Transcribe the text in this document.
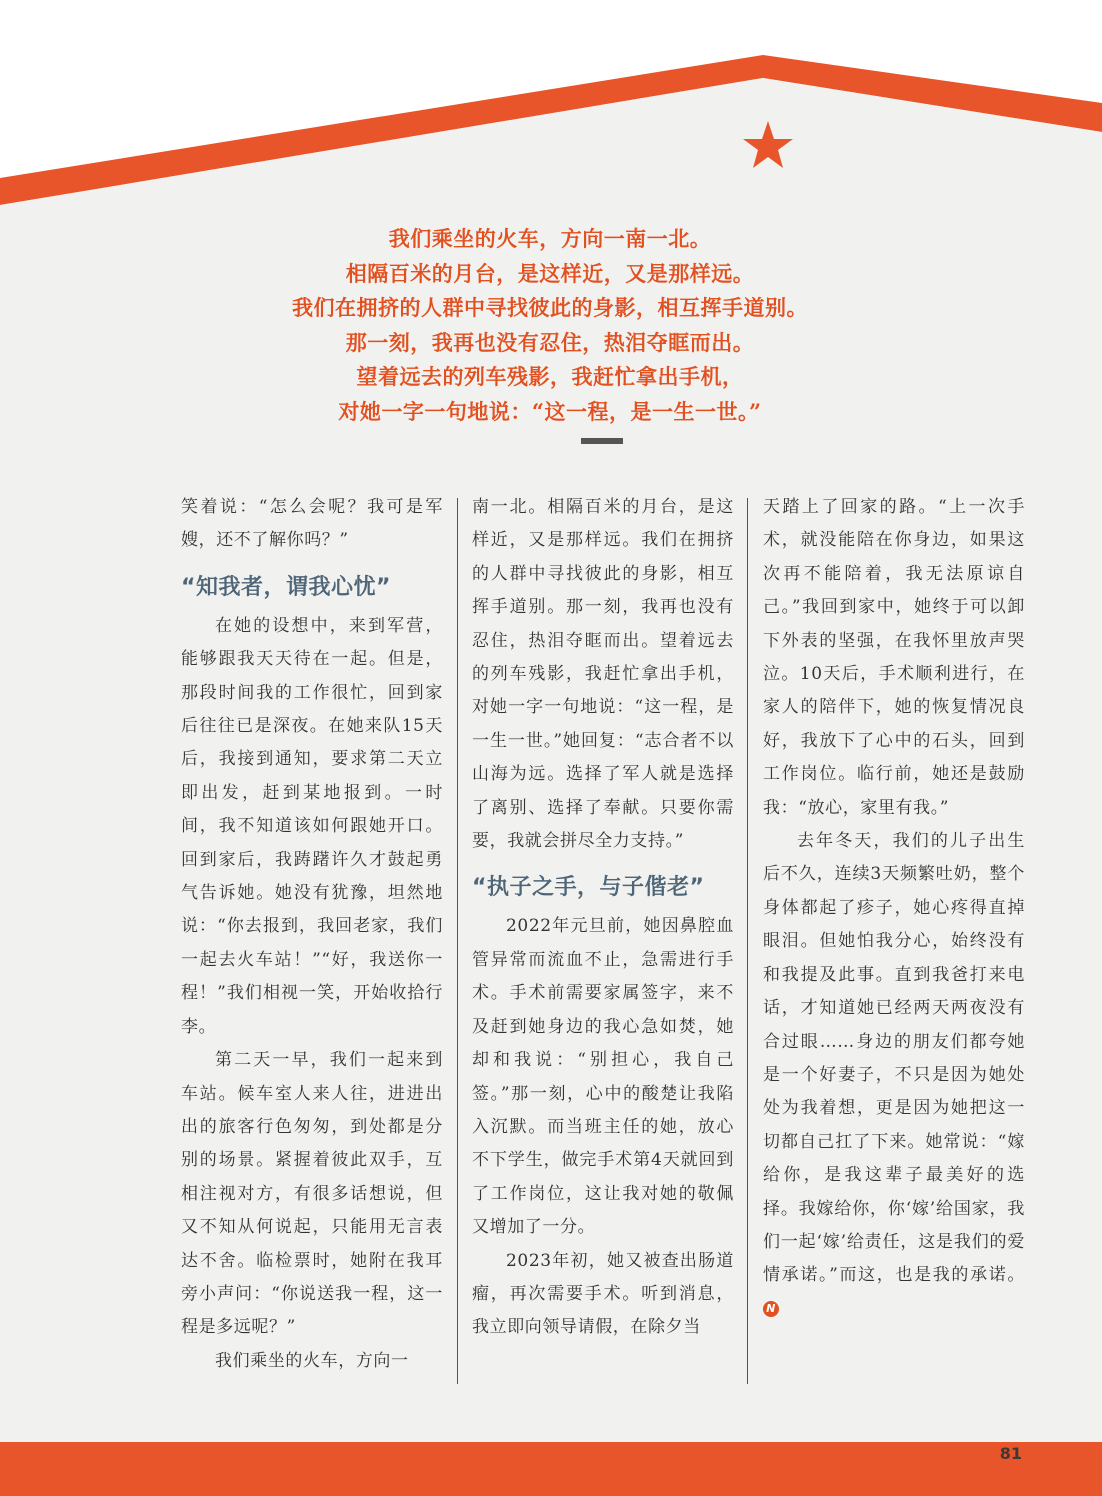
我们乘坐的火车，方向一南一北。
相隔百米的月台，是这样近，又是那样远。
我们在拥挤的人群中寻找彼此的身影，相互挥手道别。
那一刻，我再也没有忍住，热泪夺眶而出。
望着远去的列车残影，我赶忙拿出手机，
对她一字一句地说：“这一程，是一生一世。”

笑着说：“怎么会呢？我可是军嫂，还不了解你吗？”

“知我者，谓我心忧”

在她的设想中，来到军营，能够跟我天天待在一起。但是，那段时间我的工作很忙，回到家后往往已是深夜。在她来队15天后，我接到通知，要求第二天立即出发，赶到某地报到。一时间，我不知道该如何跟她开口。回到家后，我踌躇许久才鼓起勇气告诉她。她没有犹豫，坦然地说：“你去报到，我回老家，我们一起去火车站！”“好，我送你一程！”我们相视一笑，开始收拾行李。

第二天一早，我们一起来到车站。候车室人来人往，进进出出的旅客行色匆匆，到处都是分别的场景。紧握着彼此双手，互相注视对方，有很多话想说，但又不知从何说起，只能用无言表达不舍。临检票时，她附在我耳旁小声问：“你说送我一程，这一程是多远呢？”

我们乘坐的火车，方向一

南一北。相隔百米的月台，是这样近，又是那样远。我们在拥挤的人群中寻找彼此的身影，相互挥手道别。那一刻，我再也没有忍住，热泪夺眶而出。望着远去的列车残影，我赶忙拿出手机，对她一字一句地说：“这一程，是一生一世。”她回复：“志合者不以山海为远。选择了军人就是选择了离别、选择了奉献。只要你需要，我就会拼尽全力支持。”

“执子之手，与子偕老”

2022年元旦前，她因鼻腔血管异常而流血不止，急需进行手术。手术前需要家属签字，来不及赶到她身边的我心急如焚，她却和我说：“别担心，我自己签。”那一刻，心中的酸楚让我陷入沉默。而当班主任的她，放心不下学生，做完手术第4天就回到了工作岗位，这让我对她的敬佩又增加了一分。

2023年初，她又被查出肠道瘤，再次需要手术。听到消息，我立即向领导请假，在除夕当

天踏上了回家的路。“上一次手术，就没能陪在你身边，如果这次再不能陪着，我无法原谅自己。”我回到家中，她终于可以卸下外表的坚强，在我怀里放声哭泣。10天后，手术顺利进行，在家人的陪伴下，她的恢复情况良好，我放下了心中的石头，回到工作岗位。临行前，她还是鼓励我：“放心，家里有我。”

去年冬天，我们的儿子出生后不久，连续3天频繁吐奶，整个身体都起了疹子，她心疼得直掉眼泪。但她怕我分心，始终没有和我提及此事。直到我爸打来电话，才知道她已经两天两夜没有合过眼……身边的朋友们都夸她是一个好妻子，不只是因为她处处为我着想，更是因为她把这一切都自己扛了下来。她常说：“嫁给你，是我这辈子最美好的选择。我嫁给你，你‘嫁’给国家，我们一起‘嫁’给责任，这是我们的爱情承诺。”而这，也是我的承诺。 N

81
